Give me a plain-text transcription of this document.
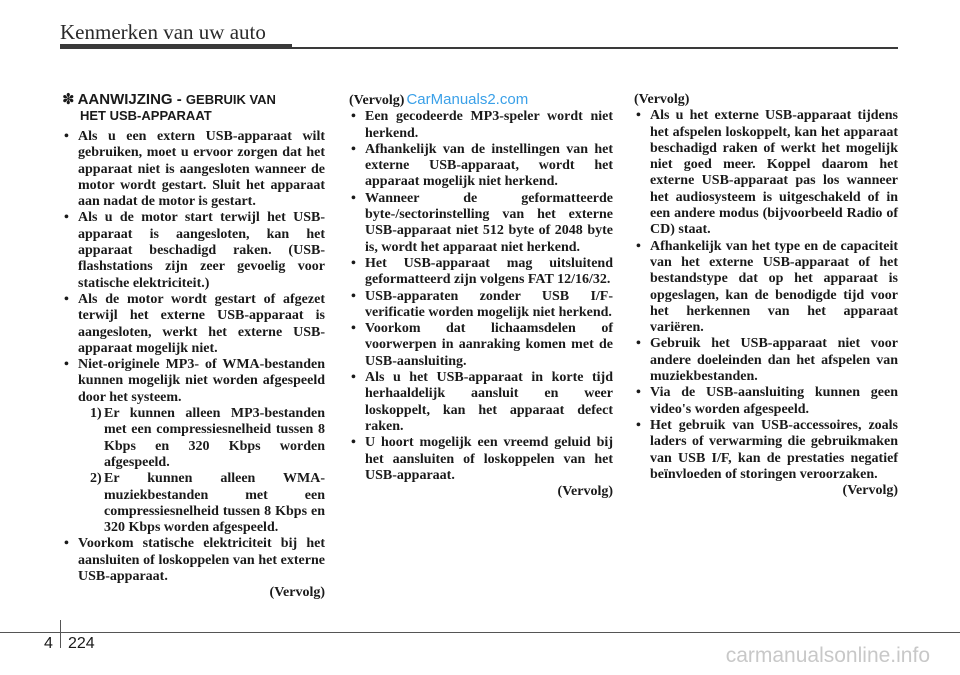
Kenmerken van uw auto
✽ AANWIJZING - GEBRUIK VAN
HET USB-APPARAAT
• Als u een extern USB-apparaat wilt gebruiken, moet u ervoor zorgen dat het apparaat niet is aangesloten wanneer de motor wordt gestart. Sluit het apparaat aan nadat de motor is gestart.
• Als u de motor start terwijl het USB-apparaat is aangesloten, kan het apparaat beschadigd raken. (USB-flashstations zijn zeer gevoelig voor statische elektriciteit.)
• Als de motor wordt gestart of afgezet terwijl het externe USB-apparaat is aangesloten, werkt het externe USB-apparaat mogelijk niet.
• Niet-originele MP3- of WMA-bestanden kunnen mogelijk niet worden afgespeeld door het systeem.
1) Er kunnen alleen MP3-bestanden met een compressiesnelheid tussen 8 Kbps en 320 Kbps worden afgespeeld.
2) Er kunnen alleen WMA-muziekbestanden met een compressiesnelheid tussen 8 Kbps en 320 Kbps worden afgespeeld.
• Voorkom statische elektriciteit bij het aansluiten of loskoppelen van het externe USB-apparaat.
(Vervolg)
(Vervolg) CarManuals2.com
• Een gecodeerde MP3-speler wordt niet herkend.
• Afhankelijk van de instellingen van het externe USB-apparaat, wordt het apparaat mogelijk niet herkend.
• Wanneer de geformatteerde byte-/sectorinstelling van het externe USB-apparaat niet 512 byte of 2048 byte is, wordt het apparaat niet herkend.
• Het USB-apparaat mag uitsluitend geformatteerd zijn volgens FAT 12/16/32.
• USB-apparaten zonder USB I/F-verificatie worden mogelijk niet herkend.
• Voorkom dat lichaamsdelen of voorwerpen in aanraking komen met de USB-aansluiting.
• Als u het USB-apparaat in korte tijd herhaaldelijk aansluit en weer loskoppelt, kan het apparaat defect raken.
• U hoort mogelijk een vreemd geluid bij het aansluiten of loskoppelen van het USB-apparaat.
(Vervolg)
(Vervolg)
• Als u het externe USB-apparaat tijdens het afspelen loskoppelt, kan het apparaat beschadigd raken of werkt het mogelijk niet goed meer. Koppel daarom het externe USB-apparaat pas los wanneer het audiosysteem is uitgeschakeld of in een andere modus (bijvoorbeeld Radio of CD) staat.
• Afhankelijk van het type en de capaciteit van het externe USB-apparaat of het bestandstype dat op het apparaat is opgeslagen, kan de benodigde tijd voor het herkennen van het apparaat variëren.
• Gebruik het USB-apparaat niet voor andere doeleinden dan het afspelen van muziekbestanden.
• Via de USB-aansluiting kunnen geen video's worden afgespeeld.
• Het gebruik van USB-accessoires, zoals laders of verwarming die gebruikmaken van USB I/F, kan de prestaties negatief beïnvloeden of storingen veroorzaken.
(Vervolg)
4 224
carmanualsonline.info
